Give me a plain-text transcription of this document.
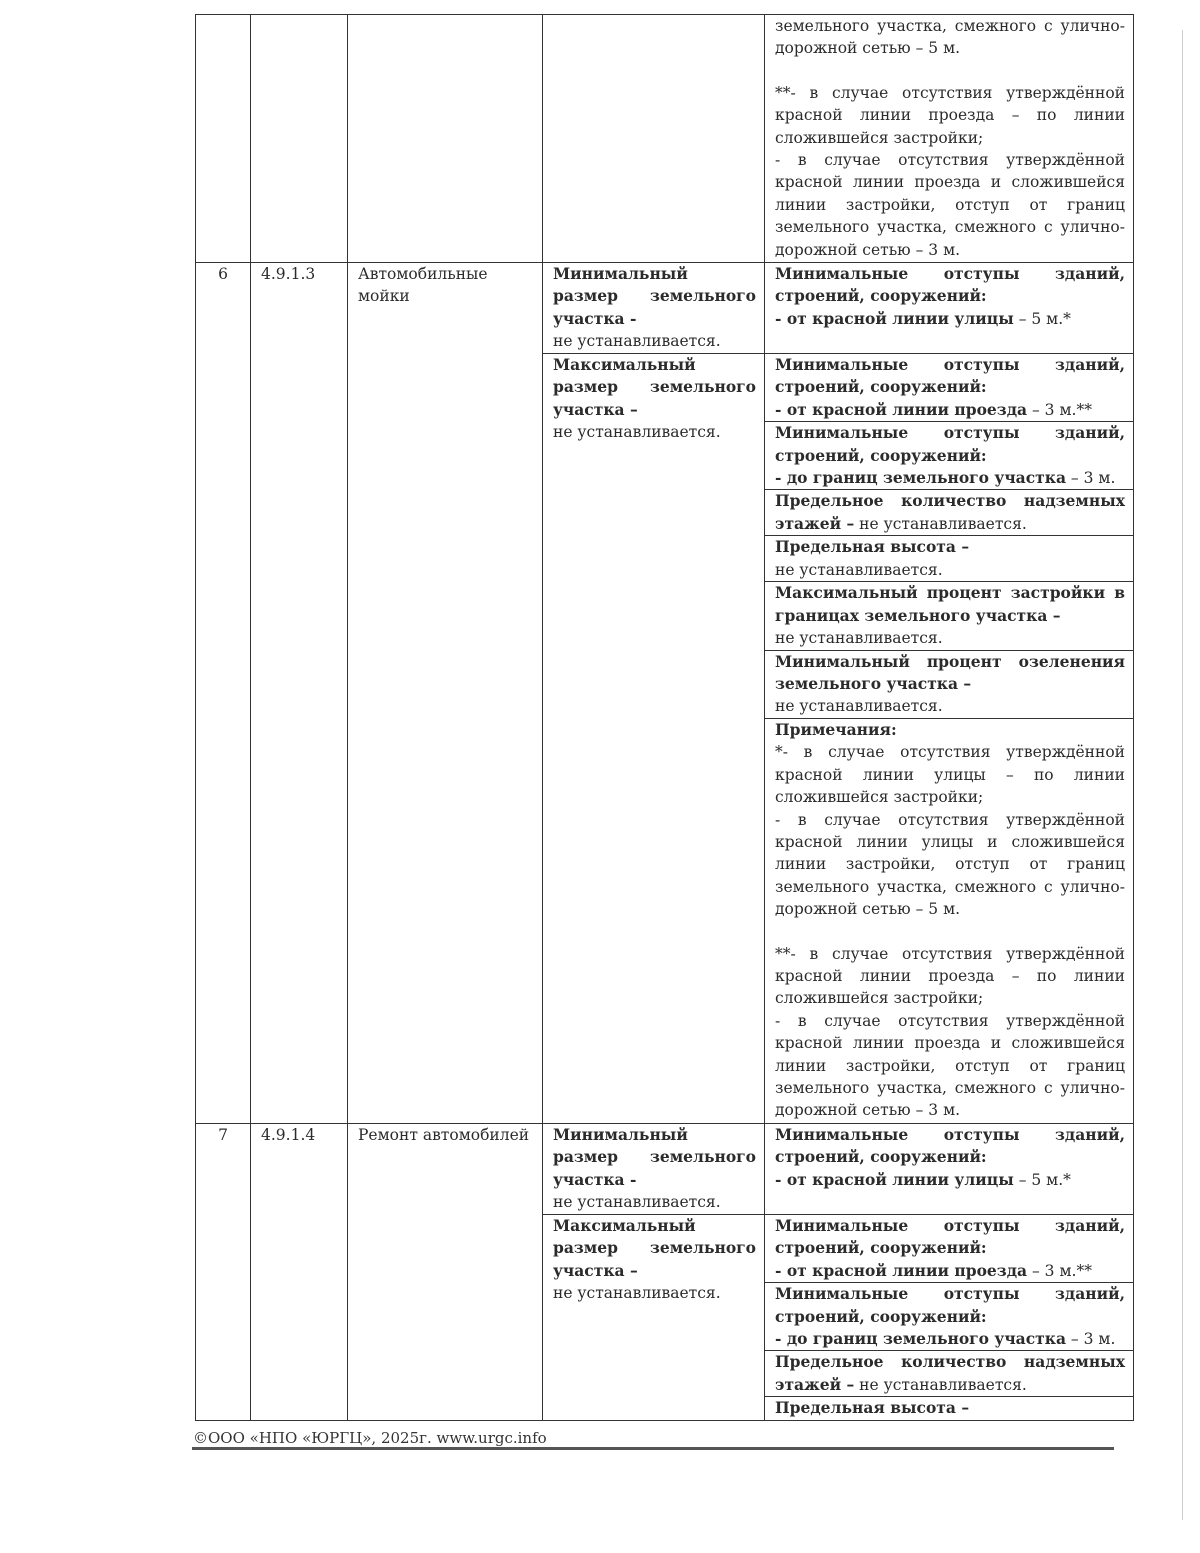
				земельного участка, смежного с улично-дорожной сетью – 5 м.
**- в случае отсутствия утверждённой красной линии проезда – по линии сложившейся застройки;
- в случае отсутствия утверждённой красной линии проезда и сложившейся линии застройки, отступ от границ земельного участка, смежного с улично-дорожной сетью – 3 м.

6	4.9.1.3	Автомобильные мойки	Минимальный размер земельного участка -
не устанавливается.	Минимальные отступы зданий, строений, сооружений:
- от красной линии улицы – 5 м.*

			Максимальный размер земельного участка –
не устанавливается.	Минимальные отступы зданий, строений, сооружений:
- от красной линии проезда – 3 м.**

				Минимальные отступы зданий, строений, сооружений:
- до границ земельного участка – 3 м.
				Предельное количество надземных этажей – не устанавливается.

				Предельная высота –
не устанавливается.

				Максимальный процент застройки в границах земельного участка –
не устанавливается.

				Минимальный процент озеленения земельного участка –
не устанавливается.
				Примечания:
*- в случае отсутствия утверждённой красной линии улицы – по линии сложившейся застройки;
- в случае отсутствия утверждённой красной линии улицы и сложившейся линии застройки, отступ от границ земельного участка, смежного с улично-дорожной сетью – 5 м.
**- в случае отсутствия утверждённой красной линии проезда – по линии сложившейся застройки;
- в случае отсутствия утверждённой красной линии проезда и сложившейся линии застройки, отступ от границ земельного участка, смежного с улично-дорожной сетью – 3 м.

7	4.9.1.4	Ремонт автомобилей	Минимальный размер земельного участка -
не устанавливается.	Минимальные отступы зданий, строений, сооружений:
- от красной линии улицы – 5 м.*

			Максимальный размер земельного участка –
не устанавливается.	Минимальные отступы зданий, строений, сооружений:
- от красной линии проезда – 3 м.**

				Минимальные отступы зданий, строений, сооружений:
- до границ земельного участка – 3 м.
				Предельное количество надземных этажей – не устанавливается.
				Предельная высота –
©ООО «НПО «ЮРГЦ», 2025г. www.urgc.info
